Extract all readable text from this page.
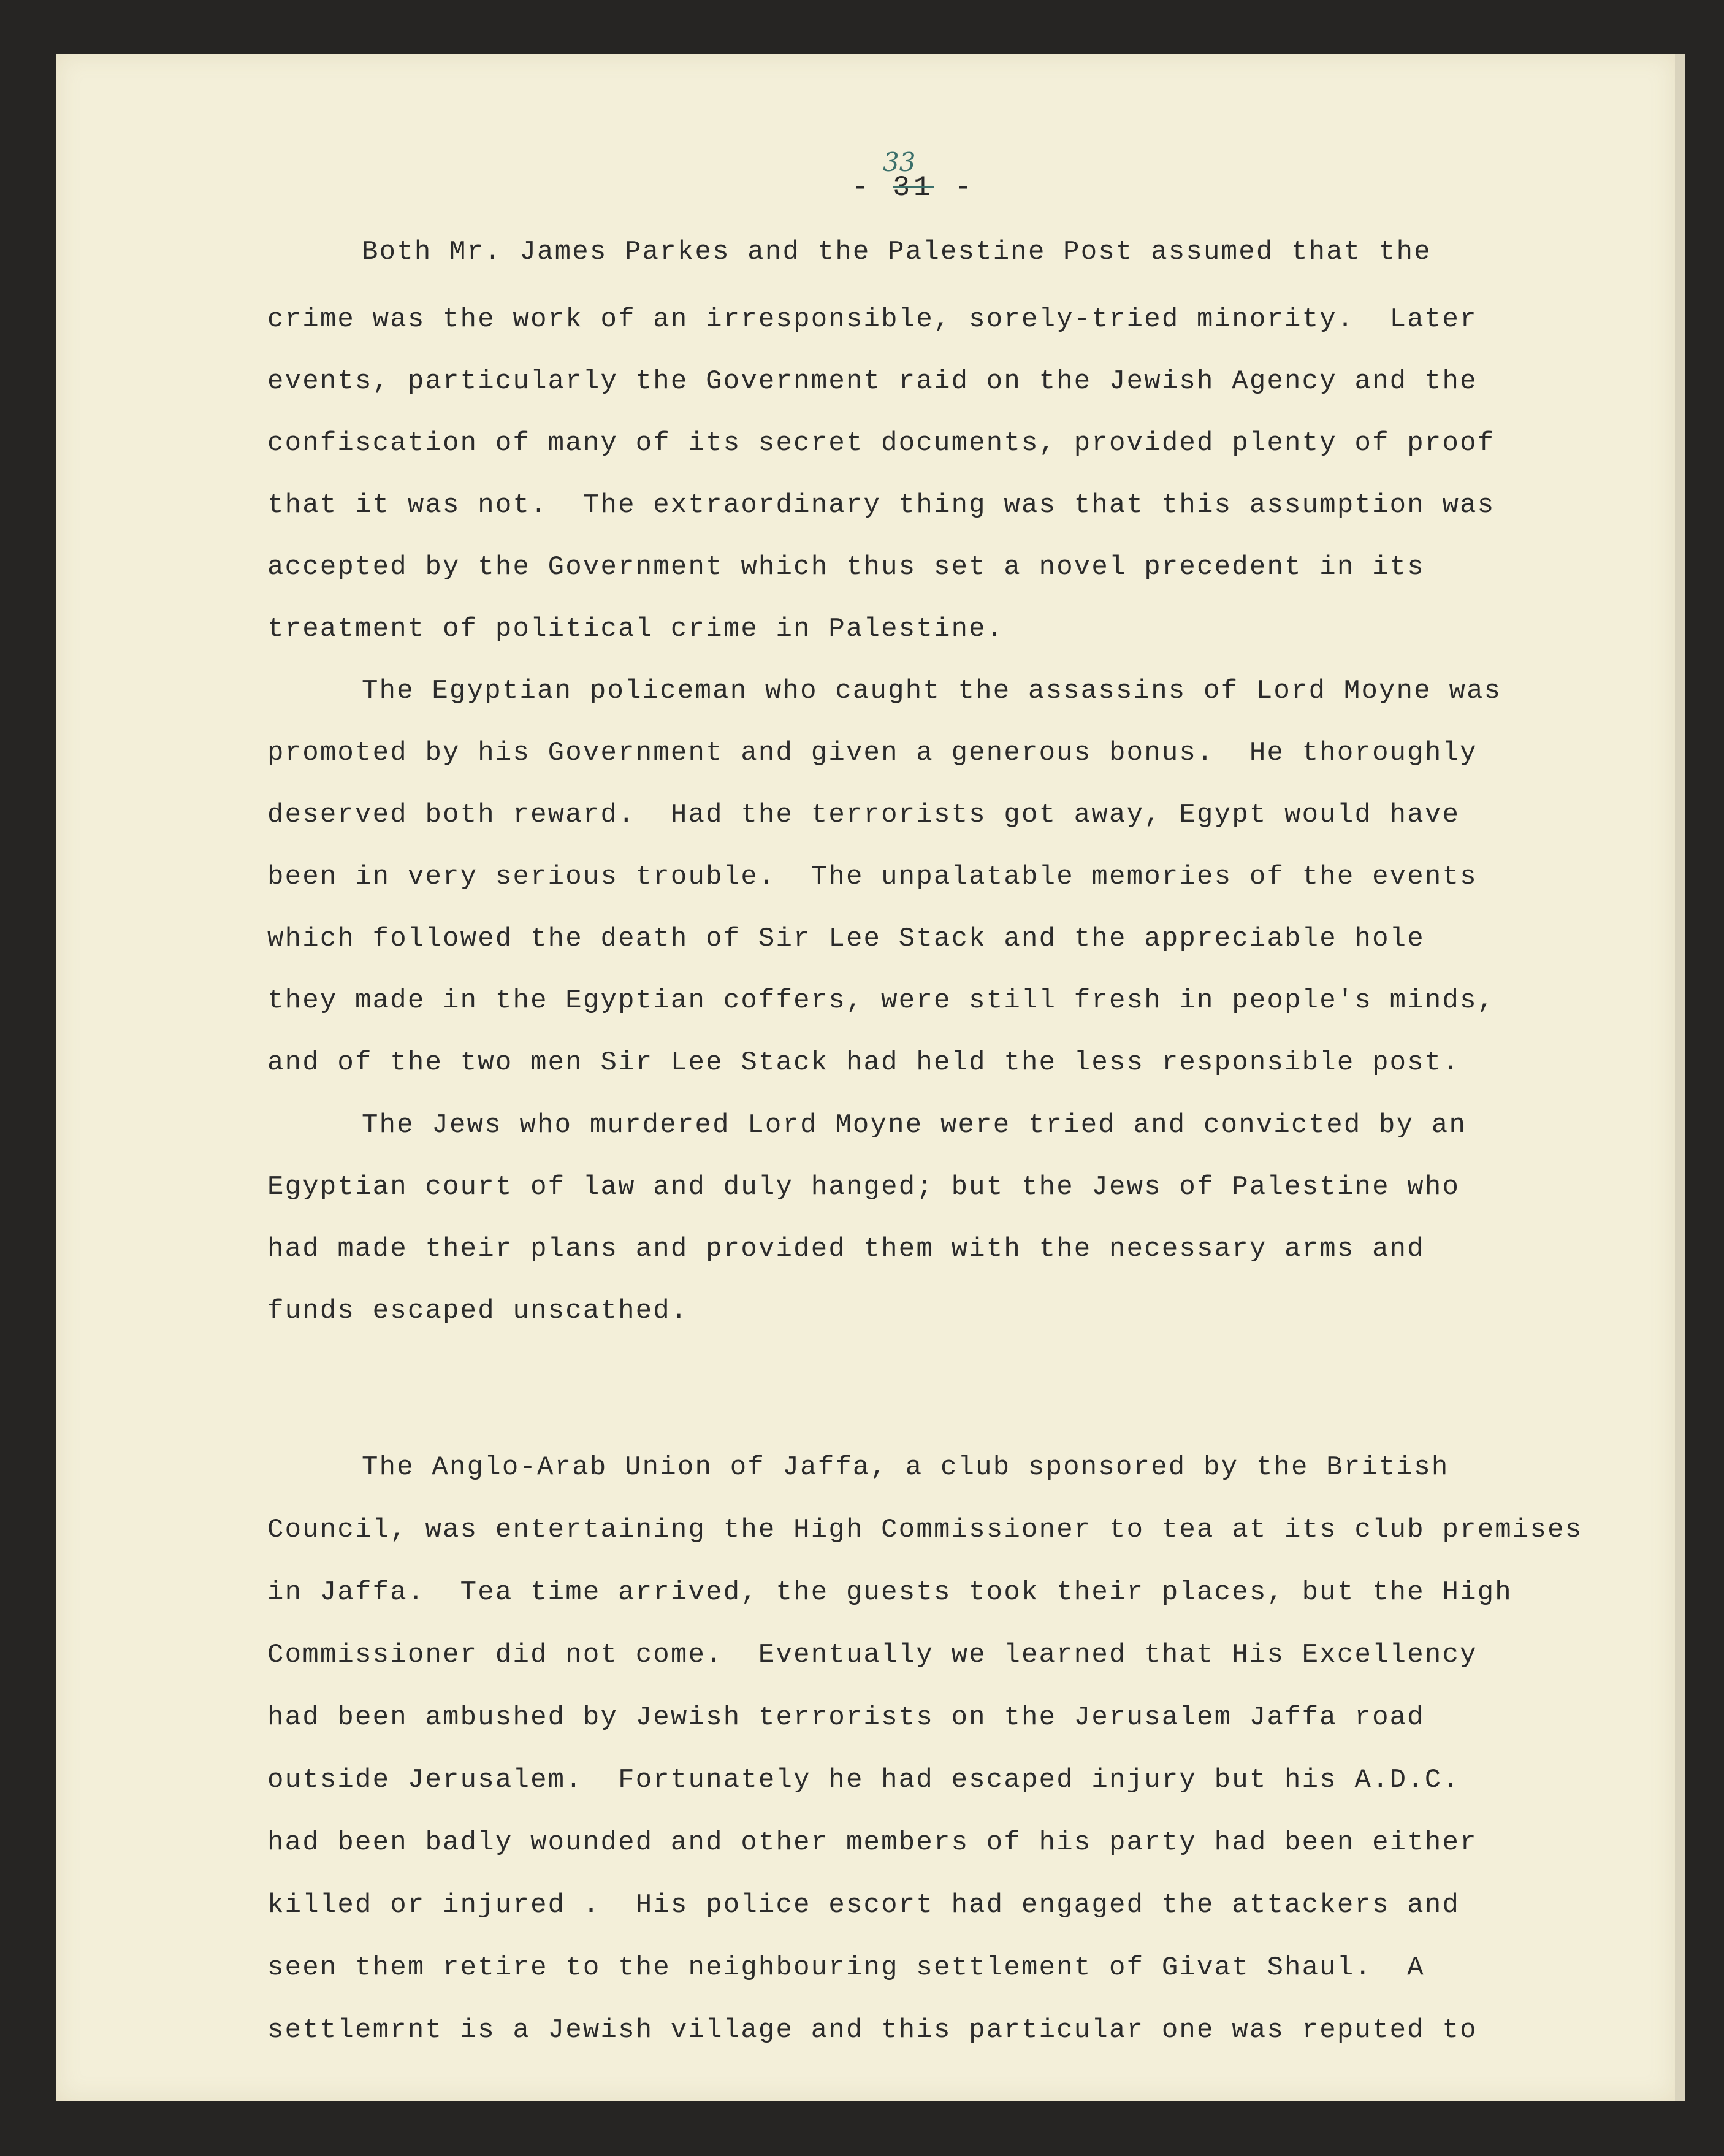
33
- 31 -

Both Mr. James Parkes and the Palestine Post assumed that the

crime was the work of an irresponsible, sorely-tried minority.  Later

events, particularly the Government raid on the Jewish Agency and the

confiscation of many of its secret documents, provided plenty of proof

that it was not.  The extraordinary thing was that this assumption was

accepted by the Government which thus set a novel precedent in its

treatment of political crime in Palestine.

The Egyptian policeman who caught the assassins of Lord Moyne was

promoted by his Government and given a generous bonus.  He thoroughly

deserved both reward.  Had the terrorists got away, Egypt would have

been in very serious trouble.  The unpalatable memories of the events

which followed the death of Sir Lee Stack and the appreciable hole

they made in the Egyptian coffers, were still fresh in people's minds,

and of the two men Sir Lee Stack had held the less responsible post.

The Jews who murdered Lord Moyne were tried and convicted by an

Egyptian court of law and duly hanged; but the Jews of Palestine who

had made their plans and provided them with the necessary arms and

funds escaped unscathed.

The Anglo-Arab Union of Jaffa, a club sponsored by the British

Council, was entertaining the High Commissioner to tea at its club premises

in Jaffa.  Tea time arrived, the guests took their places, but the High

Commissioner did not come.  Eventually we learned that His Excellency

had been ambushed by Jewish terrorists on the Jerusalem Jaffa road

outside Jerusalem.  Fortunately he had escaped injury but his A.D.C.

had been badly wounded and other members of his party had been either

killed or injured .  His police escort had engaged the attackers and

seen them retire to the neighbouring settlement of Givat Shaul.  A

settlemrnt is a Jewish village and this particular one was reputed to
